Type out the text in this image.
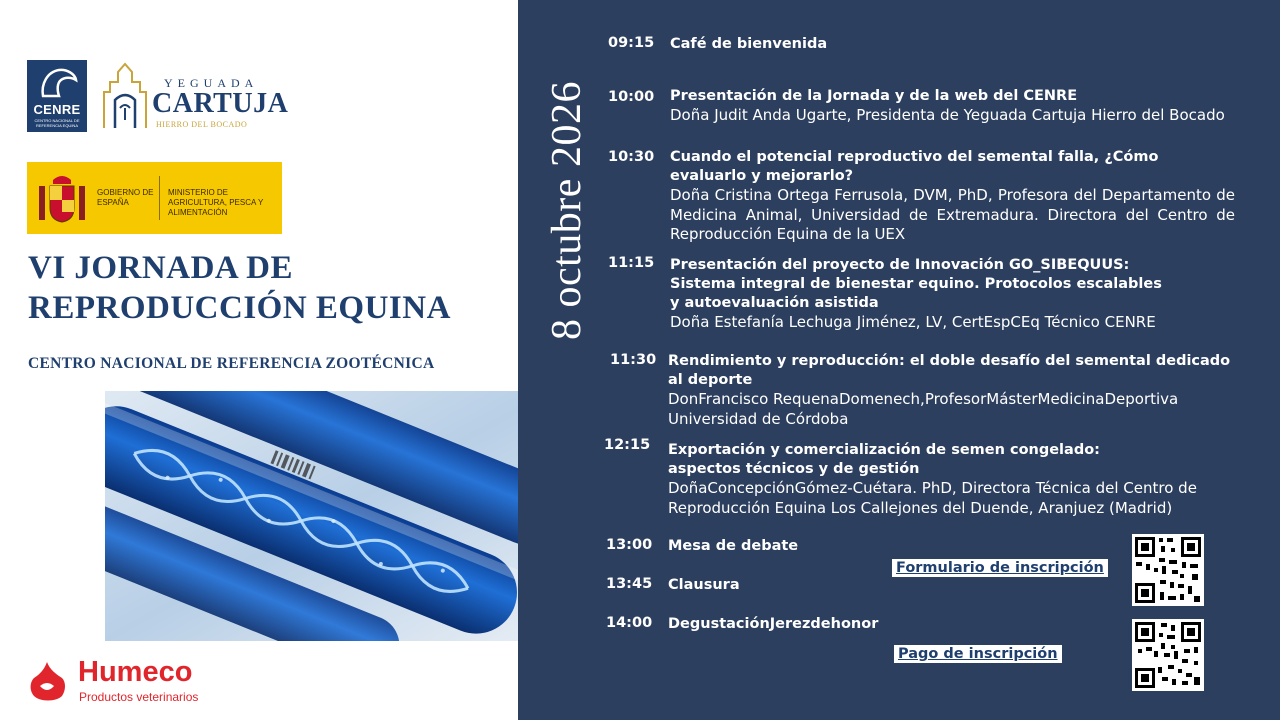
CENRE
CENTRO NACIONAL DE REFERENCIA EQUINA
YEGUADA
CARTUJA
HIERRO DEL BOCADO
GOBIERNO DE ESPAÑA
MINISTERIO DE AGRICULTURA, PESCA Y ALIMENTACIÓN
VI JORNADA DE
REPRODUCCIÓN EQUINA
CENTRO NACIONAL DE REFERENCIA ZOOTÉCNICA
Humeco
Productos veterinarios
8 octubre 2026
09:15 Café de bienvenida
10:00 Presentación de la Jornada y de la web del CENRE
Doña Judit Anda Ugarte, Presidenta de Yeguada Cartuja Hierro del Bocado
10:30 Cuando el potencial reproductivo del semental falla, ¿Cómo evaluarlo y mejorarlo?
Doña Cristina Ortega Ferrusola, DVM, PhD, Profesora del Departamento de Medicina Animal, Universidad de Extremadura. Directora del Centro de Reproducción Equina de la UEX
11:15 Presentación del proyecto de Innovación GO_SIBEQUUS: Sistema integral de bienestar equino. Protocolos escalables y autoevaluación asistida
Doña Estefanía Lechuga Jiménez, LV, CertEspCEq Técnico CENRE
11:30 Rendimiento y reproducción: el doble desafío del semental dedicado al deporte
DonFrancisco RequenaDomenech,ProfesorMásterMedicinaDeportiva Universidad de Córdoba
12:15 Exportación y comercialización de semen congelado: aspectos técnicos y de gestión
DoñaConcepciónGómez-Cuétara. PhD, Directora Técnica del Centro de Reproducción Equina Los Callejones del Duende, Aranjuez (Madrid)
13:00 Mesa de debate
13:45 Clausura
14:00 DegustaciónJerezdehonor
Formulario de inscripción
Pago de inscripción
